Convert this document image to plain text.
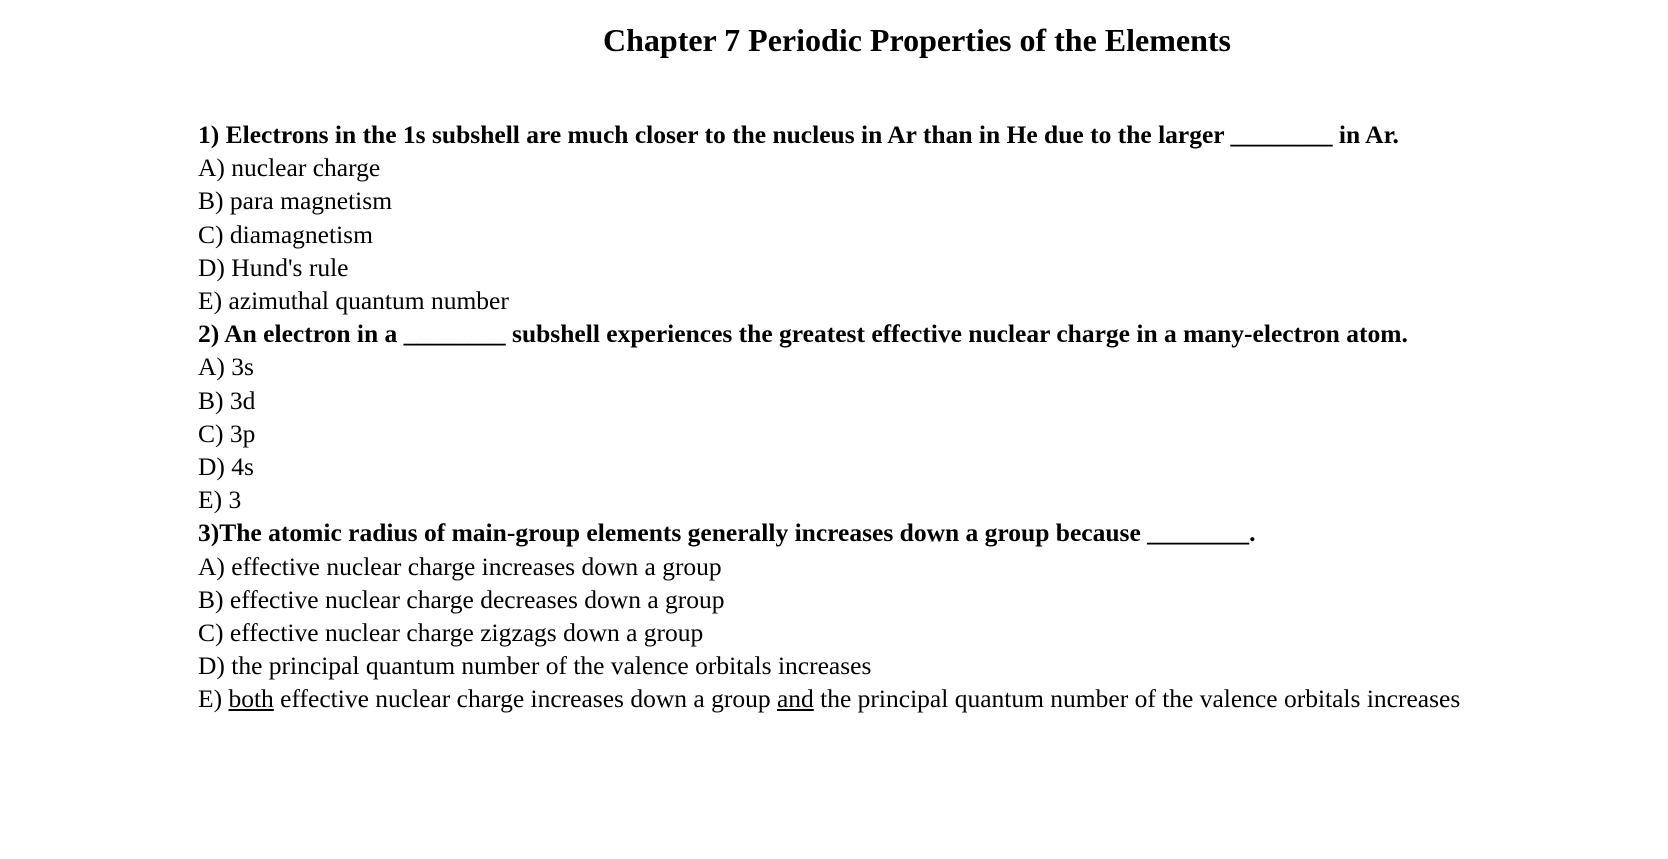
Chapter 7 Periodic Properties of the Elements

1) Electrons in the 1s subshell are much closer to the nucleus in Ar than in He due to the larger ________ in Ar.

A) nuclear charge

B) para magnetism

C) diamagnetism

D) Hund's rule

E) azimuthal quantum number

2) An electron in a ________ subshell experiences the greatest effective nuclear charge in a many-electron atom.

A) 3s

B) 3d

C) 3p

D) 4s

E) 3

3)The atomic radius of main-group elements generally increases down a group because ________.

A) effective nuclear charge increases down a group

B) effective nuclear charge decreases down a group

C) effective nuclear charge zigzags down a group

D) the principal quantum number of the valence orbitals increases

E) both effective nuclear charge increases down a group and the principal quantum number of the valence orbitals increases
